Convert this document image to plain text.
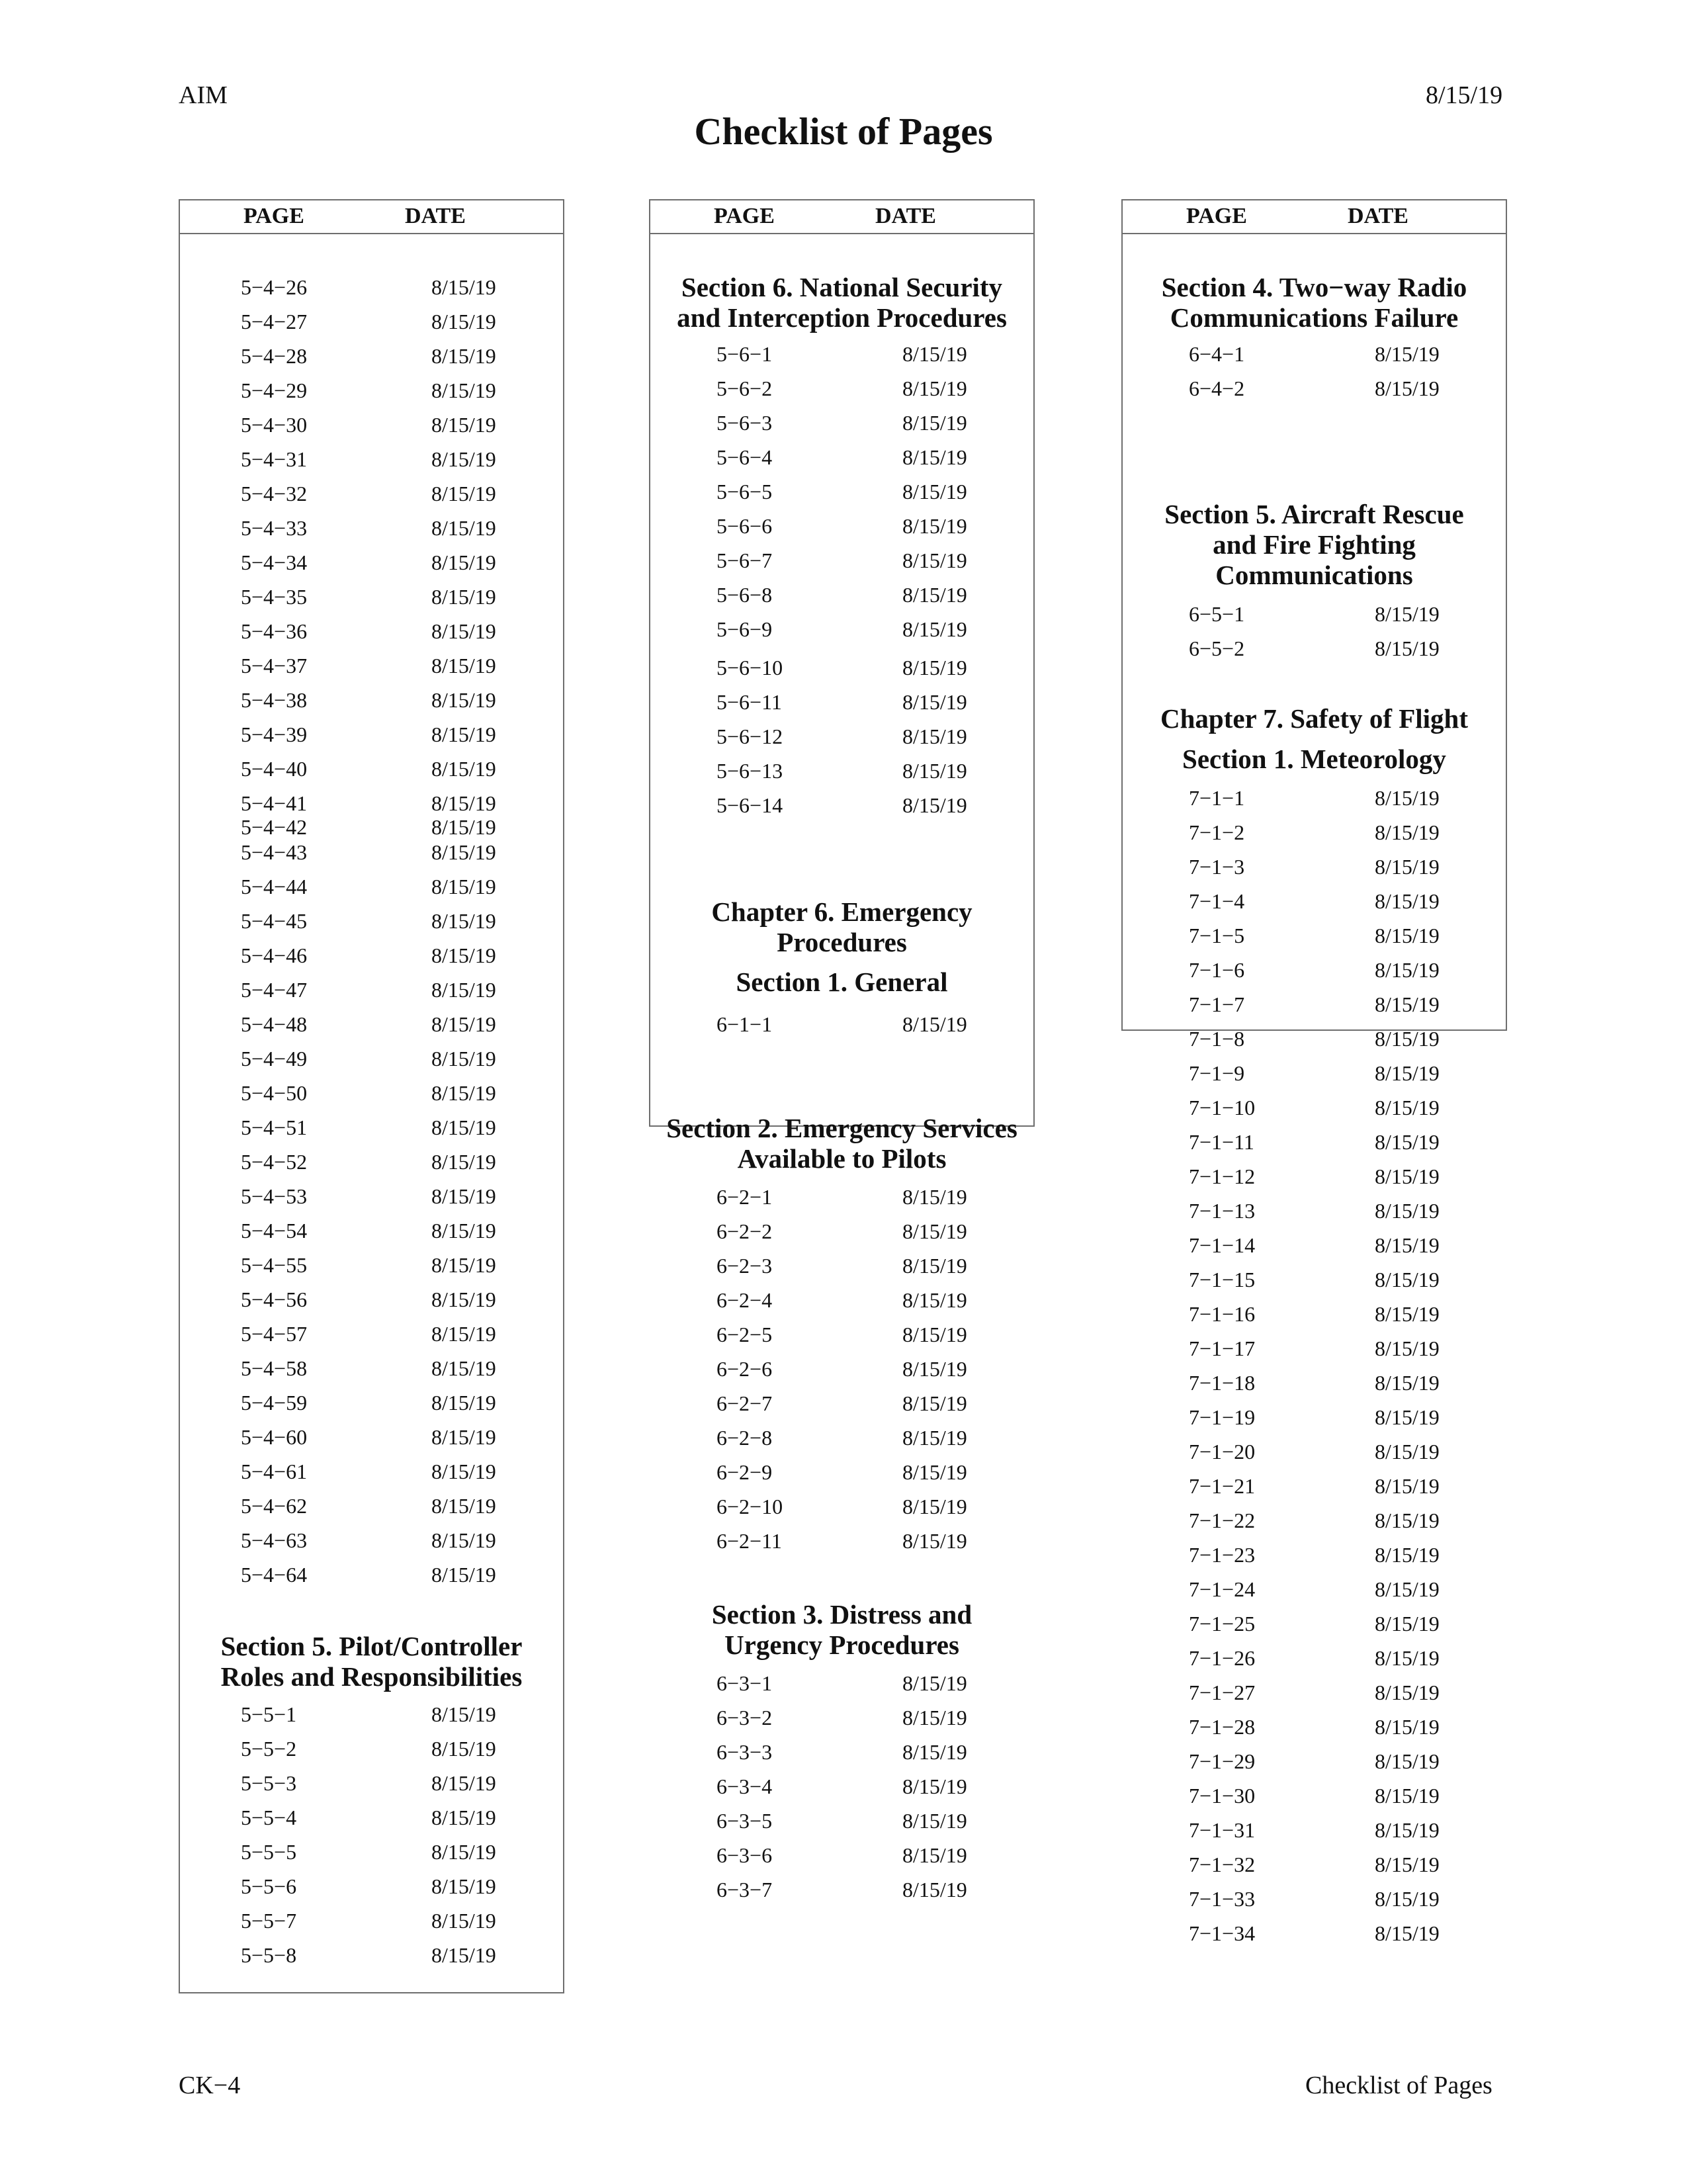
AIM	8/15/19
Checklist of Pages
PAGE	DATE
5−4−26	8/15/19
5−4−27	8/15/19
5−4−28	8/15/19
5−4−29	8/15/19
5−4−30	8/15/19
5−4−31	8/15/19
5−4−32	8/15/19
5−4−33	8/15/19
5−4−34	8/15/19
5−4−35	8/15/19
5−4−36	8/15/19
5−4−37	8/15/19
5−4−38	8/15/19
5−4−39	8/15/19
5−4−40	8/15/19
5−4−41	8/15/19
5−4−42	8/15/19
5−4−43	8/15/19
5−4−44	8/15/19
5−4−45	8/15/19
5−4−46	8/15/19
5−4−47	8/15/19
5−4−48	8/15/19
5−4−49	8/15/19
5−4−50	8/15/19
5−4−51	8/15/19
5−4−52	8/15/19
5−4−53	8/15/19
5−4−54	8/15/19
5−4−55	8/15/19
5−4−56	8/15/19
5−4−57	8/15/19
5−4−58	8/15/19
5−4−59	8/15/19
5−4−60	8/15/19
5−4−61	8/15/19
5−4−62	8/15/19
5−4−63	8/15/19
5−4−64	8/15/19
Section 5. Pilot/Controller
Roles and Responsibilities
5−5−1	8/15/19
5−5−2	8/15/19
5−5−3	8/15/19
5−5−4	8/15/19
5−5−5	8/15/19
5−5−6	8/15/19
5−5−7	8/15/19
5−5−8	8/15/19
PAGE	DATE
Section 6. National Security
and Interception Procedures
5−6−1	8/15/19
5−6−2	8/15/19
5−6−3	8/15/19
5−6−4	8/15/19
5−6−5	8/15/19
5−6−6	8/15/19
5−6−7	8/15/19
5−6−8	8/15/19
5−6−9	8/15/19
5−6−10	8/15/19
5−6−11	8/15/19
5−6−12	8/15/19
5−6−13	8/15/19
5−6−14	8/15/19
Chapter 6. Emergency
Procedures
Section 1. General
6−1−1	8/15/19
Section 2. Emergency Services
Available to Pilots
6−2−1	8/15/19
6−2−2	8/15/19
6−2−3	8/15/19
6−2−4	8/15/19
6−2−5	8/15/19
6−2−6	8/15/19
6−2−7	8/15/19
6−2−8	8/15/19
6−2−9	8/15/19
6−2−10	8/15/19
6−2−11	8/15/19
Section 3. Distress and
Urgency Procedures
6−3−1	8/15/19
6−3−2	8/15/19
6−3−3	8/15/19
6−3−4	8/15/19
6−3−5	8/15/19
6−3−6	8/15/19
6−3−7	8/15/19
PAGE	DATE
Section 4. Two−way Radio
Communications Failure
6−4−1	8/15/19
6−4−2	8/15/19
Section 5. Aircraft Rescue
and Fire Fighting
Communications
6−5−1	8/15/19
6−5−2	8/15/19
Chapter 7. Safety of Flight
Section 1. Meteorology
7−1−1	8/15/19
7−1−2	8/15/19
7−1−3	8/15/19
7−1−4	8/15/19
7−1−5	8/15/19
7−1−6	8/15/19
7−1−7	8/15/19
7−1−8	8/15/19
7−1−9	8/15/19
7−1−10	8/15/19
7−1−11	8/15/19
7−1−12	8/15/19
7−1−13	8/15/19
7−1−14	8/15/19
7−1−15	8/15/19
7−1−16	8/15/19
7−1−17	8/15/19
7−1−18	8/15/19
7−1−19	8/15/19
7−1−20	8/15/19
7−1−21	8/15/19
7−1−22	8/15/19
7−1−23	8/15/19
7−1−24	8/15/19
7−1−25	8/15/19
7−1−26	8/15/19
7−1−27	8/15/19
7−1−28	8/15/19
7−1−29	8/15/19
7−1−30	8/15/19
7−1−31	8/15/19
7−1−32	8/15/19
7−1−33	8/15/19
7−1−34	8/15/19
CK−4	Checklist of Pages
